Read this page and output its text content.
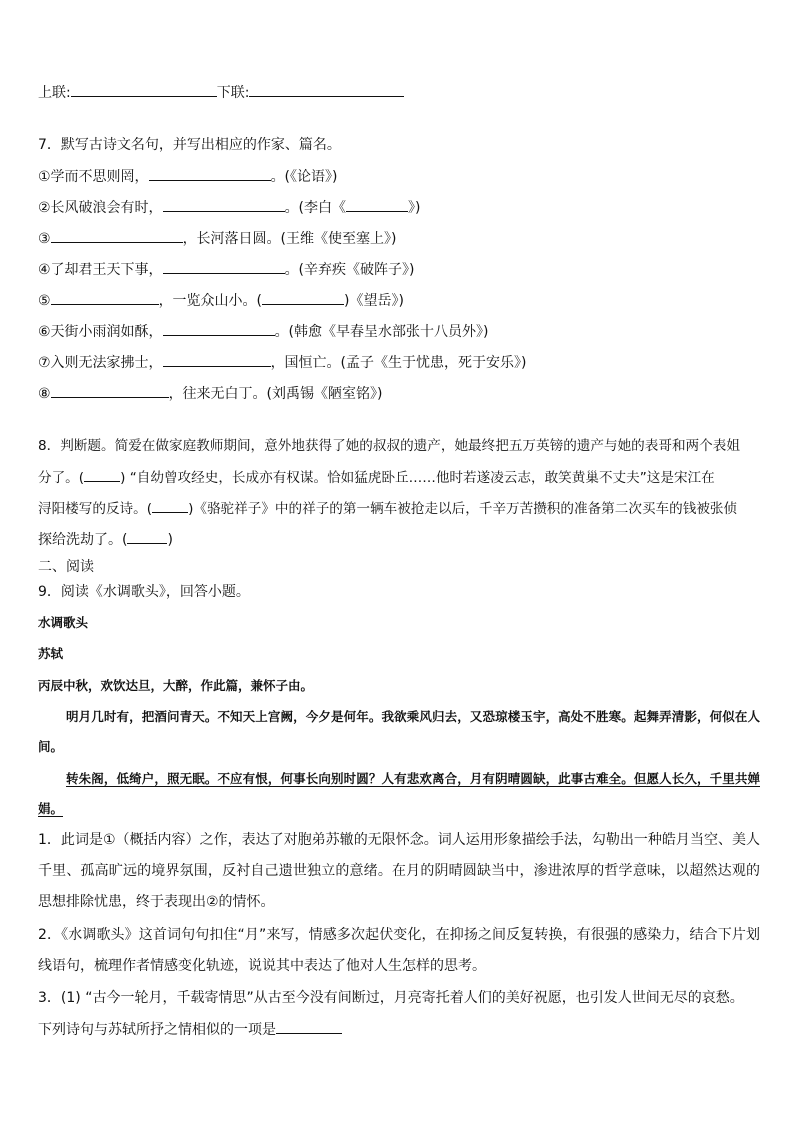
上联:	下联:
7．默写古诗文名句，并写出相应的作家、篇名。
①学而不思则罔，	。(《论语》)
②长风破浪会有时，	。(李白《	》)
③	，长河落日圆。(王维《使至塞上》)
④了却君王天下事，	。(辛弃疾《破阵子》)
⑤	，一览众山小。(	)《望岳》)
⑥天街小雨润如酥，	。(韩愈《早春呈水部张十八员外》)
⑦入则无法家拂士，	，国恒亡。(孟子《生于忧患，死于安乐》)
⑧	，往来无白丁。(刘禹锡《陋室铭》)
8．判断题。简爱在做家庭教师期间，意外地获得了她的叔叔的遗产，她最终把五万英镑的遗产与她的表哥和两个表姐
分了。(	) “自幼曾攻经史，长成亦有权谋。恰如猛虎卧丘……他时若遂凌云志，敢笑黄巢不丈夫”这是宋江在
浔阳楼写的反诗。(	)《骆驼祥子》中的祥子的第一辆车被抢走以后，千辛万苦攒积的准备第二次买车的钱被张侦
探给洗劫了。(	)
二、阅读
9．阅读《水调歌头》，回答小题。
水调歌头
苏轼
丙辰中秋，欢饮达旦，大醉，作此篇，兼怀子由。
明月几时有，把酒问青天。不知天上宫阙，今夕是何年。我欲乘风归去，又恐琼楼玉宇，高处不胜寒。起舞弄清影，何似在人间。
转朱阁，低绮户，照无眠。不应有恨，何事长向别时圆？人有悲欢离合，月有阴晴圆缺，此事古难全。但愿人长久，千里共婵娟。
1．此词是①（概括内容）之作，表达了对胞弟苏辙的无限怀念。词人运用形象描绘手法，勾勒出一种皓月当空、美人千里、孤高旷远的境界氛围，反衬自己遗世独立的意绪。在月的阴晴圆缺当中，渗进浓厚的哲学意味，以超然达观的思想排除忧患，终于表现出②的情怀。
2．《水调歌头》这首词句句扣住“月”来写，情感多次起伏变化，在抑扬之间反复转换，有很强的感染力，结合下片划线语句，梳理作者情感变化轨迹，说说其中表达了他对人生怎样的思考。
3．(1) “古今一轮月，千载寄情思”从古至今没有间断过，月亮寄托着人们的美好祝愿，也引发人世间无尽的哀愁。
下列诗句与苏轼所抒之情相似的一项是
